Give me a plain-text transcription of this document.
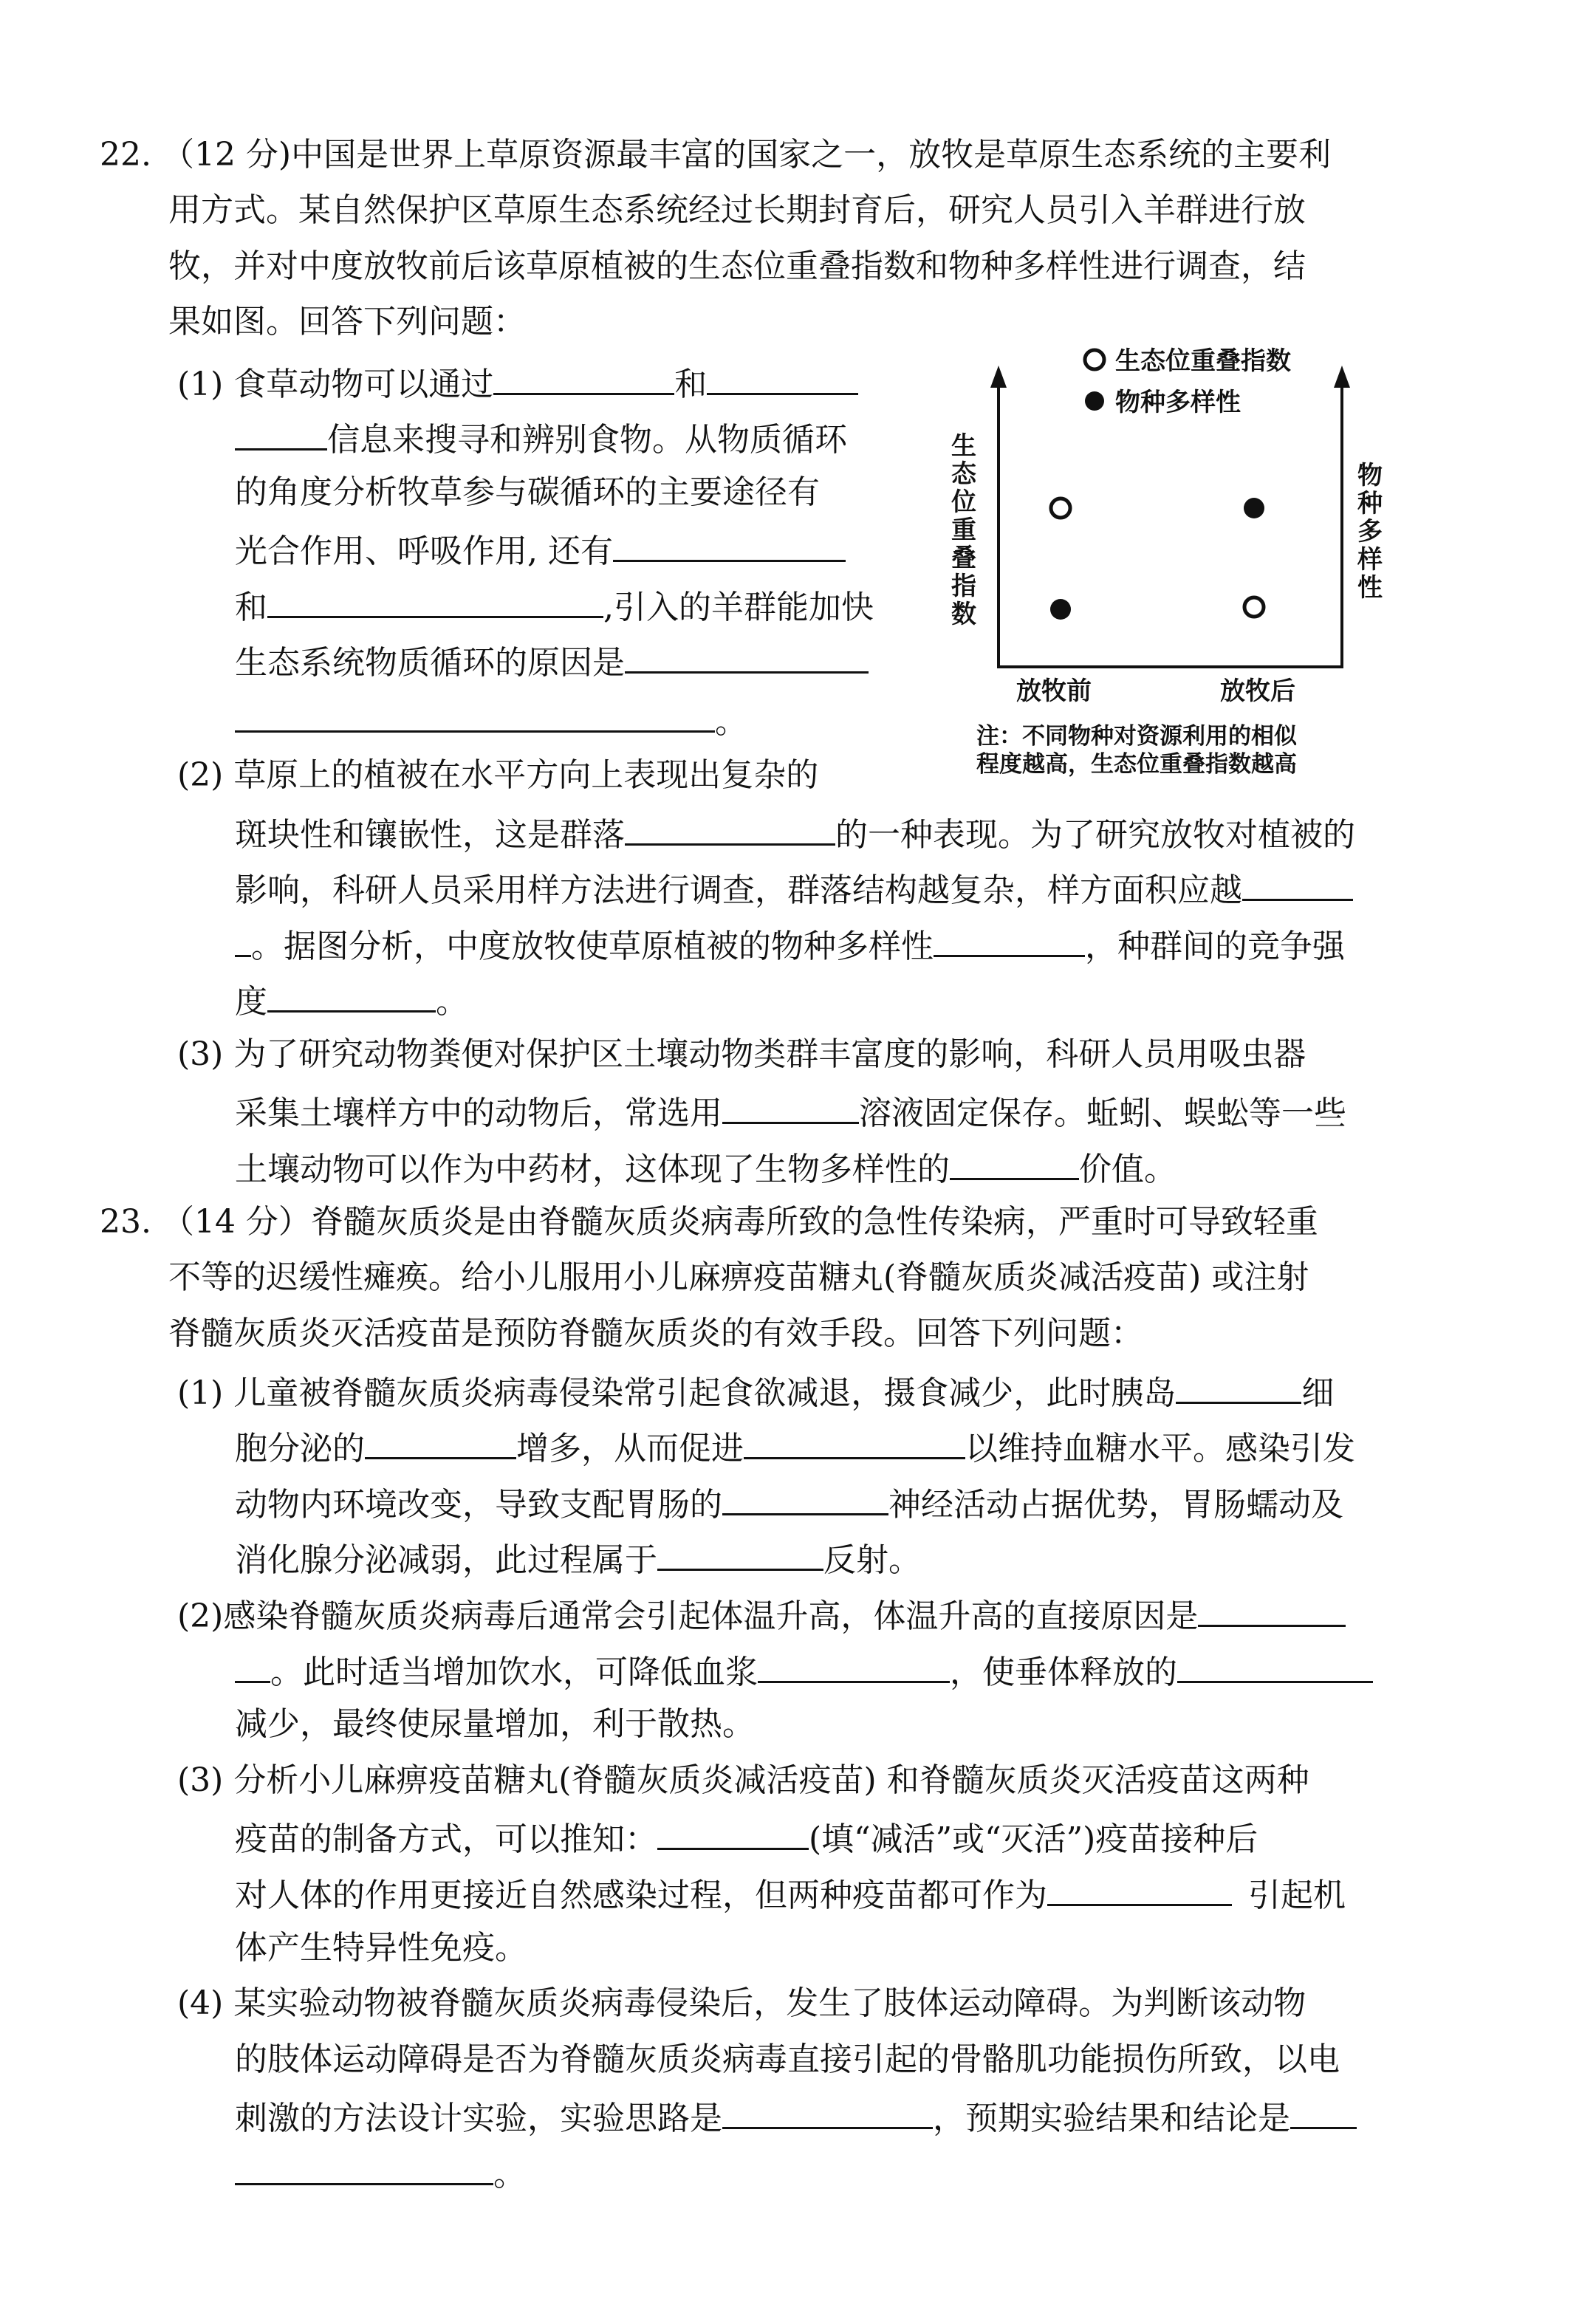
22. （12 分)中国是世界上草原资源最丰富的国家之一，放牧是草原生态系统的主要利
用方式。某自然保护区草原生态系统经过长期封育后，研究人员引入羊群进行放
牧，并对中度放牧前后该草原植被的生态位重叠指数和物种多样性进行调查，结
果如图。回答下列问题：
(1) 食草动物可以通过	和
信息来搜寻和辨别食物。从物质循环
的角度分析牧草参与碳循环的主要途径有
光合作用、呼吸作用, 还有
和	,引入的羊群能加快
生态系统物质循环的原因是
。
(2) 草原上的植被在水平方向上表现出复杂的
斑块性和镶嵌性，这是群落	的一种表现。为了研究放牧对植被的
影响，科研人员采用样方法进行调查，群落结构越复杂，样方面积应越
。据图分析，中度放牧使草原植被的物种多样性	，种群间的竞争强
度	。
(3) 为了研究动物粪便对保护区土壤动物类群丰富度的影响，科研人员用吸虫器
采集土壤样方中的动物后，常选用	溶液固定保存。蚯蚓、蜈蚣等一些
土壤动物可以作为中药材，这体现了生物多样性的	价值。
生态位重叠指数
物种多样性
生
态
位
重
叠
指
数
物
种
多
样
性
放牧前	放牧后
注：不同物种对资源利用的相似
程度越高，生态位重叠指数越高
23. （14 分）脊髓灰质炎是由脊髓灰质炎病毒所致的急性传染病，严重时可导致轻重
不等的迟缓性瘫痪。给小儿服用小儿麻痹疫苗糖丸(脊髓灰质炎减活疫苗) 或注射
脊髓灰质炎灭活疫苗是预防脊髓灰质炎的有效手段。回答下列问题：
(1) 儿童被脊髓灰质炎病毒侵染常引起食欲减退，摄食减少，此时胰岛	细
胞分泌的	增多，从而促进	以维持血糖水平。感染引发
动物内环境改变，导致支配胃肠的	神经活动占据优势，胃肠蠕动及
消化腺分泌减弱，此过程属于	反射。
(2)感染脊髓灰质炎病毒后通常会引起体温升高，体温升高的直接原因是
。此时适当增加饮水，可降低血浆	，使垂体释放的
减少，最终使尿量增加，利于散热。
(3) 分析小儿麻痹疫苗糖丸(脊髓灰质炎减活疫苗) 和脊髓灰质炎灭活疫苗这两种
疫苗的制备方式，可以推知：	(填“减活”或“灭活”)疫苗接种后
对人体的作用更接近自然感染过程，但两种疫苗都可作为	引起机
体产生特异性免疫。
(4) 某实验动物被脊髓灰质炎病毒侵染后，发生了肢体运动障碍。为判断该动物
的肢体运动障碍是否为脊髓灰质炎病毒直接引起的骨骼肌功能损伤所致，以电
刺激的方法设计实验，实验思路是	，预期实验结果和结论是
。
